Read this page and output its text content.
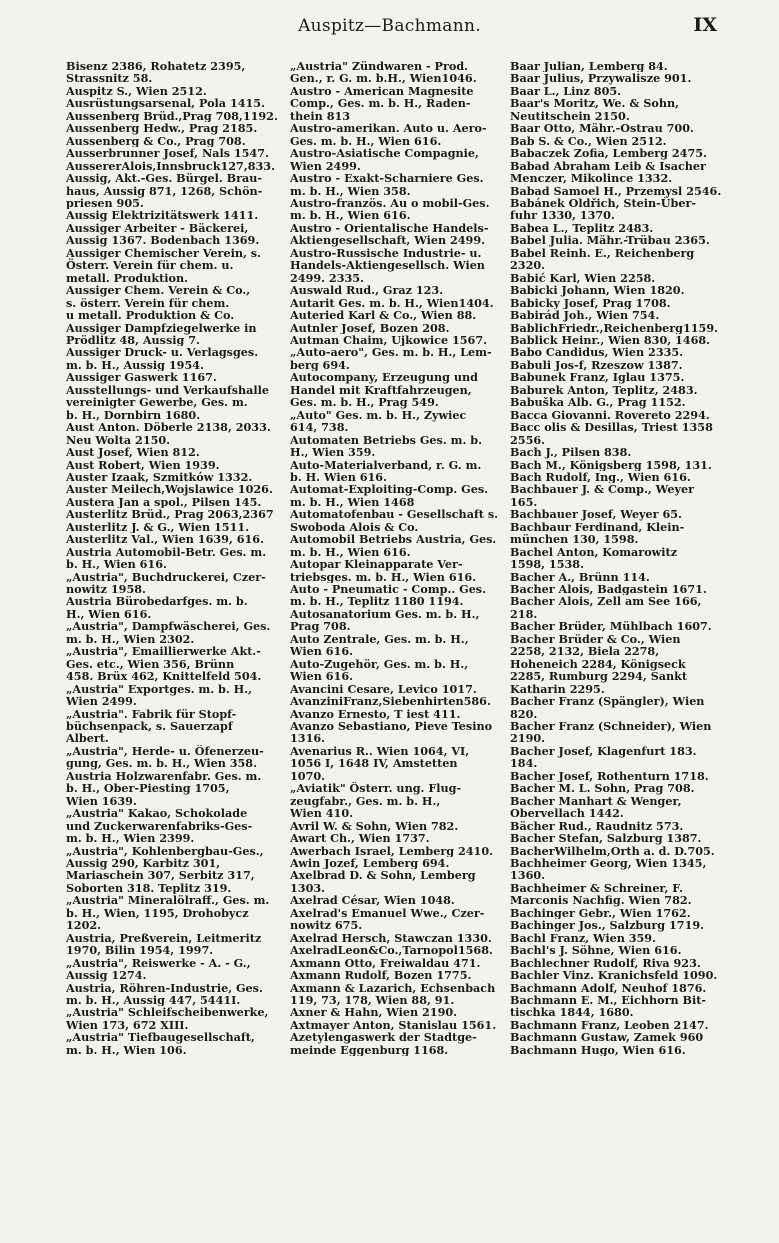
Auspitz—Bachmann.	IX
Bisenz 2386, Rohatetz 2395,
Strassnitz 58.
Auspitz S., Wien 2512.
Ausrüstungsarsenal, Pola 1415.
Aussenberg Brüd.,Prag 708,1192.
Aussenberg Hedw., Prag 2185.
Aussenberg & Co., Prag 708.
Ausserbrunner Josef, Nals 1547.
AussererAlois,Innsbruck127,833.
Aussig, Akt.-Ges. Bürgel. Brau-
haus, Aussig 871, 1268, Schön-
priesen 905.
Aussig Elektrizitätswerk 1411.
Aussiger Arbeiter - Bäckerei,
Aussig 1367. Bodenbach 1369.
Aussiger Chemischer Verein, s.
Österr. Verein für chem. u.
metall. Produktion.
Aussiger Chem. Verein & Co.,
s. österr. Verein für chem.
u metall. Produktion & Co.
Aussiger Dampfziegelwerke in
Prödlitz 48, Aussig 7.
Aussiger Druck- u. Verlagsges.
m. b. H., Aussig 1954.
Aussiger Gaswerk 1167.
Ausstellungs- und Verkaufshalle
vereinigter Gewerbe, Ges. m.
b. H., Dornbirn 1680.
Aust Anton. Döberle 2138, 2033.
Neu Wolta 2150.
Aust Josef, Wien 812.
Aust Robert, Wien 1939.
Auster Izaak, Szmitków 1332.
Auster Meilech,Wojslawice 1026.
Austera Jan a spol., Pilsen 145.
Austerlitz Brüd., Prag 2063,2367
Austerlitz J. & G., Wien 1511.
Austerlitz Val., Wien 1639, 616.
Austria Automobil-Betr. Ges. m.
b. H., Wien 616.
„Austria", Buchdruckerei, Czer-
nowitz 1958.
Austria Bürobedarfges. m. b.
H., Wien 616.
„Austria", Dampfwäscherei, Ges.
m. b. H., Wien 2302.
„Austria", Emaillierwerke Akt.-
Ges. etc., Wien 356, Brünn
458. Brüx 462, Knittelfeld 504.
„Austria" Exportges. m. b. H.,
Wien 2499.
„Austria". Fabrik für Stopf-
büchsenpack, s. Sauerzapf
Albert.
„Austria", Herde- u. Öfenerzeu-
gung, Ges. m. b. H., Wien 358.
Austria Holzwarenfabr. Ges. m.
b. H., Ober-Piesting 1705,
Wien 1639.
„Austria" Kakao, Schokolade
und Zuckerwarenfabriks-Ges-
m. b. H., Wien 2399.
„Austria", Kohlenbergbau-Ges.,
Aussig 290, Karbitz 301,
Mariaschein 307, Serbitz 317,
Soborten 318. Teplitz 319.
„Austria" Mineralölraff., Ges. m.
b. H., Wien, 1195, Drohobycz
1202.
Austria, Preßverein, Leitmeritz
1970, Bilin 1954, 1997.
„Austria", Reiswerke - A. - G.,
Aussig 1274.
Austria, Röhren-Industrie, Ges.
m. b. H., Aussig 447, 5441I.
„Austria" Schleifscheibenwerke,
Wien 173, 672 XIII.
„Austria" Tiefbaugesellschaft,
m. b. H., Wien 106.
„Austria" Zündwaren - Prod.
Gen., r. G. m. b.H., Wien1046.
Austro - American Magnesite
Comp., Ges. m. b. H., Raden-
thein 813
Austro-amerikan. Auto u. Aero-
Ges. m. b. H., Wien 616.
Austro-Asiatische Compagnie,
Wien 2499.
Austro - Exakt-Scharniere Ges.
m. b. H., Wien 358.
Austro-französ. Au o mobil-Ges.
m. b. H., Wien 616.
Austro - Orientalische Handels-
Aktiengesellschaft, Wien 2499.
Austro-Russische Industrie- u.
Handels-Aktiengesellsch. Wien
2499. 2335.
Auswald Rud., Graz 123.
Autarit Ges. m. b. H., Wien1404.
Auteried Karl & Co., Wien 88.
Autnler Josef, Bozen 208.
Autman Chaim, Ujkowice 1567.
„Auto-aero", Ges. m. b. H., Lem-
berg 694.
Autocompany, Erzeugung und
Handel mit Kraftfahrzeugen,
Ges. m. b. H., Prag 549.
„Auto" Ges. m. b. H., Zywiec
614, 738.
Automaten Betriebs Ges. m. b.
H., Wien 359.
Auto-Materialverband, r. G. m.
b. H. Wien 616.
Automat-Exploiting-Comp. Ges.
m. b. H., Wien 1468
Automatofenbau - Gesellschaft s.
Swoboda Alois & Co.
Automobil Betriebs Austria, Ges.
m. b. H., Wien 616.
Autopar Kleinapparate Ver-
triebsges. m. b. H., Wien 616.
Auto - Pneumatic - Comp.. Ges.
m. b. H., Teplitz 1180 1194.
Autosanatorium Ges. m. b. H.,
Prag 708.
Auto Zentrale, Ges. m. b. H.,
Wien 616.
Auto-Zugehör, Ges. m. b. H.,
Wien 616.
Avancini Cesare, Levico 1017.
AvanziniFranz,Siebenhirten586.
Avanzo Ernesto, T iest 411.
Avanzo Sebastiano, Pieve Tesino
1316.
Avenarius R.. Wien 1064, VI,
1056 I, 1648 IV, Amstetten
1070.
„Aviatik" Österr. ung. Flug-
zeugfabr., Ges. m. b. H.,
Wien 410.
Avril W. & Sohn, Wien 782.
Awart Ch., Wien 1737.
Awerbach Israel, Lemberg 2410.
Awin Jozef, Lemberg 694.
Axelbrad D. & Sohn, Lemberg
1303.
Axelrad César, Wien 1048.
Axelrad's Emanuel Wwe., Czer-
nowitz 675.
Axelrad Hersch, Stawczan 1330.
AxelradLeon&Co.,Tarnopol1568.
Axmann Otto, Freiwaldau 471.
Axmann Rudolf, Bozen 1775.
Axmann & Lazarich, Echsenbach
119, 73, 178, Wien 88, 91.
Axner & Hahn, Wien 2190.
Axtmayer Anton, Stanislau 1561.
Azetylengaswerk der Stadtge-
meinde Eggenburg 1168.
Baar Julian, Lemberg 84.
Baar Julius, Przywalisze 901.
Baar L., Linz 805.
Baar's Moritz, We. & Sohn,
Neutitschein 2150.
Baar Otto, Mähr.-Ostrau 700.
Bab S. & Co., Wien 2512.
Babaczek Zofia, Lemberg 2475.
Babad Abraham Leib & Isacher
Menczer, Mikolince 1332.
Babad Samoel H., Przemysl 2546.
Babánek Oldřich, Stein-Über-
fuhr 1330, 1370.
Babea L., Teplitz 2483.
Babel Julia. Mähr.-Trübau 2365.
Babel Reinh. E., Reichenberg
2320.
Babić Karl, Wien 2258.
Babicki Johann, Wien 1820.
Babicky Josef, Prag 1708.
Babirád Joh., Wien 754.
BablichFriedr.,Reichenberg1159.
Bablick Heinr., Wien 830, 1468.
Babo Candidus, Wien 2335.
Babuli Jos-f, Rzeszow 1387.
Babunek Franz, Iglau 1375.
Baburek Anton, Teplitz, 2483.
Babuška Alb. G., Prag 1152.
Bacca Giovanni. Rovereto 2294.
Bacc olis & Desillas, Triest 1358
2556.
Bach J., Pilsen 838.
Bach M., Königsberg 1598, 131.
Bach Rudolf, Ing., Wien 616.
Bachbauer J. & Comp., Weyer
165.
Bachbauer Josef, Weyer 65.
Bachbaur Ferdinand, Klein-
münchen 130, 1598.
Bachel Anton, Komarowitz
1598, 1538.
Bacher A., Brünn 114.
Bacher Alois, Badgastein 1671.
Bacher Alois, Zell am See 166,
218.
Bacher Brüder, Mühlbach 1607.
Bacher Brüder & Co., Wien
2258, 2132, Biela 2278,
Hoheneich 2284, Königseck
2285, Rumburg 2294, Sankt
Katharin 2295.
Bacher Franz (Spängler), Wien
820.
Bacher Franz (Schneider), Wien
2190.
Bacher Josef, Klagenfurt 183.
184.
Bacher Josef, Rothenturn 1718.
Bacher M. L. Sohn, Prag 708.
Bacher Manhart & Wenger,
Obervellach 1442.
Bächer Rud., Raudnitz 573.
Bacher Stefan, Salzburg 1387.
BacherWilhelm,Orth a. d. D.705.
Bachheimer Georg, Wien 1345,
1360.
Bachheimer & Schreiner, F.
Marconis Nachfig. Wien 782.
Bachinger Gebr., Wien 1762.
Bachinger Jos., Salzburg 1719.
Bachl Franz, Wien 359.
Bachl's J. Söhne, Wien 616.
Bachlechner Rudolf, Riva 923.
Bachler Vinz. Kranichsfeld 1090.
Bachmann Adolf, Neuhof 1876.
Bachmann E. M., Eichhorn Bit-
tischka 1844, 1680.
Bachmann Franz, Leoben 2147.
Bachmann Gustaw, Zamek 960
Bachmann Hugo, Wien 616.
